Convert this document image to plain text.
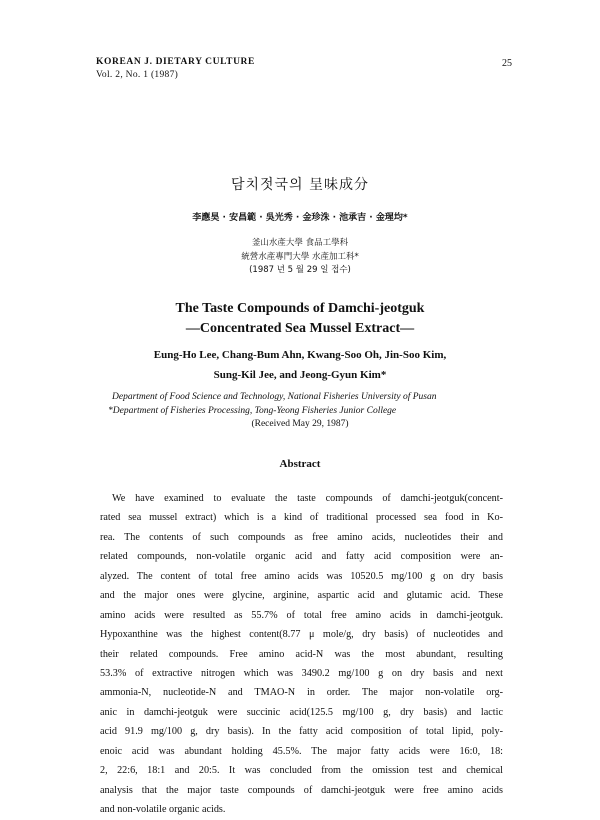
KOREAN J. DIETARY CULTURE
Vol. 2, No. 1 (1987)
25
담치젓국의 呈味成分
李應昊 · 安昌範 · 吳光秀 · 金珍洙 · 池承吉 · 金瑆均*
釜山水產大學 食品工學科
統營水產專門大學 水產加工科*
(1987 년 5 월 29 일 접수)
The Taste Compounds of Damchi-jeotguk
—Concentrated Sea Mussel Extract—
Eung-Ho Lee, Chang-Bum Ahn, Kwang-Soo Oh, Jin-Soo Kim,
Sung-Kil Jee, and Jeong-Gyun Kim*
Department of Food Science and Technology, National Fisheries University of Pusan
*Department of Fisheries Processing, Tong-Yeong Fisheries Junior College
(Received May 29, 1987)
Abstract
We have examined to evaluate the taste compounds of damchi-jeotguk(concent-
rated sea mussel extract) which is a kind of traditional processed sea food in Ko-
rea. The contents of such compounds as free amino acids, nucleotides their and
related compounds, non-volatile organic acid and fatty acid composition were an-
alyzed. The content of total free amino acids was 10520.5 mg/100 g on dry basis
and the major ones were glycine, arginine, aspartic acid and glutamic acid. These
amino acids were resulted as 55.7% of total free amino acids in damchi-jeotguk.
Hypoxanthine was the highest content(8.77 μ mole/g, dry basis) of nucleotides and
their related compounds. Free amino acid-N was the most abundant, resulting
53.3% of extractive nitrogen which was 3490.2 mg/100 g on dry basis and next
ammonia-N, nucleotide-N and TMAO-N in order. The major non-volatile org-
anic in damchi-jeotguk were succinic acid(125.5 mg/100 g, dry basis) and lactic
acid 91.9 mg/100 g, dry basis). In the fatty acid composition of total lipid, poly-
enoic acid was abundant holding 45.5%. The major fatty acids were 16:0, 18:
2, 22:6, 18:1 and 20:5. It was concluded from the omission test and chemical
analysis that the major taste compounds of damchi-jeotguk were free amino acids
and non-volatile organic acids.
